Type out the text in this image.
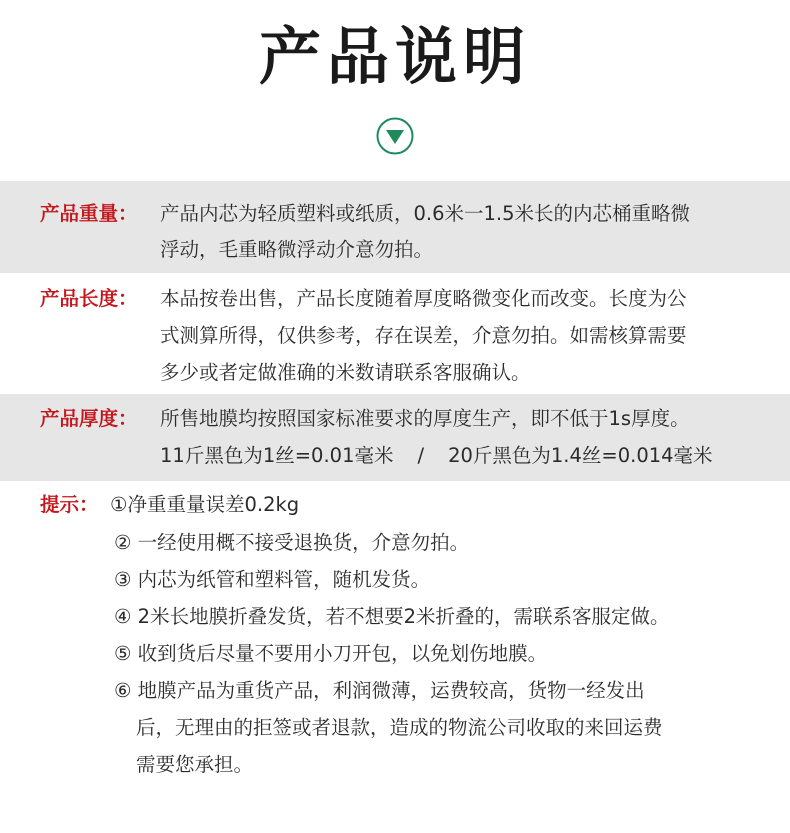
产品说明
产品重量： 产品内芯为轻质塑料或纸质，0.6米一1.5米长的内芯桶重略微
浮动，毛重略微浮动介意勿拍。
产品长度： 本品按卷出售，产品长度随着厚度略微变化而改变。长度为公
式测算所得，仅供参考，存在误差，介意勿拍。如需核算需要
多少或者定做准确的米数请联系客服确认。
产品厚度： 所售地膜均按照国家标准要求的厚度生产，即不低于1s厚度。
11斤黑色为1丝=0.01毫米 / 20斤黑色为1.4丝=0.014毫米
提示： ①净重重量误差0.2kg
② 一经使用概不接受退换货，介意勿拍。
③ 内芯为纸管和塑料管，随机发货。
④ 2米长地膜折叠发货，若不想要2米折叠的，需联系客服定做。
⑤ 收到货后尽量不要用小刀开包，以免划伤地膜。
⑥ 地膜产品为重货产品，利润微薄，运费较高，货物一经发出
后，无理由的拒签或者退款，造成的物流公司收取的来回运费
需要您承担。
